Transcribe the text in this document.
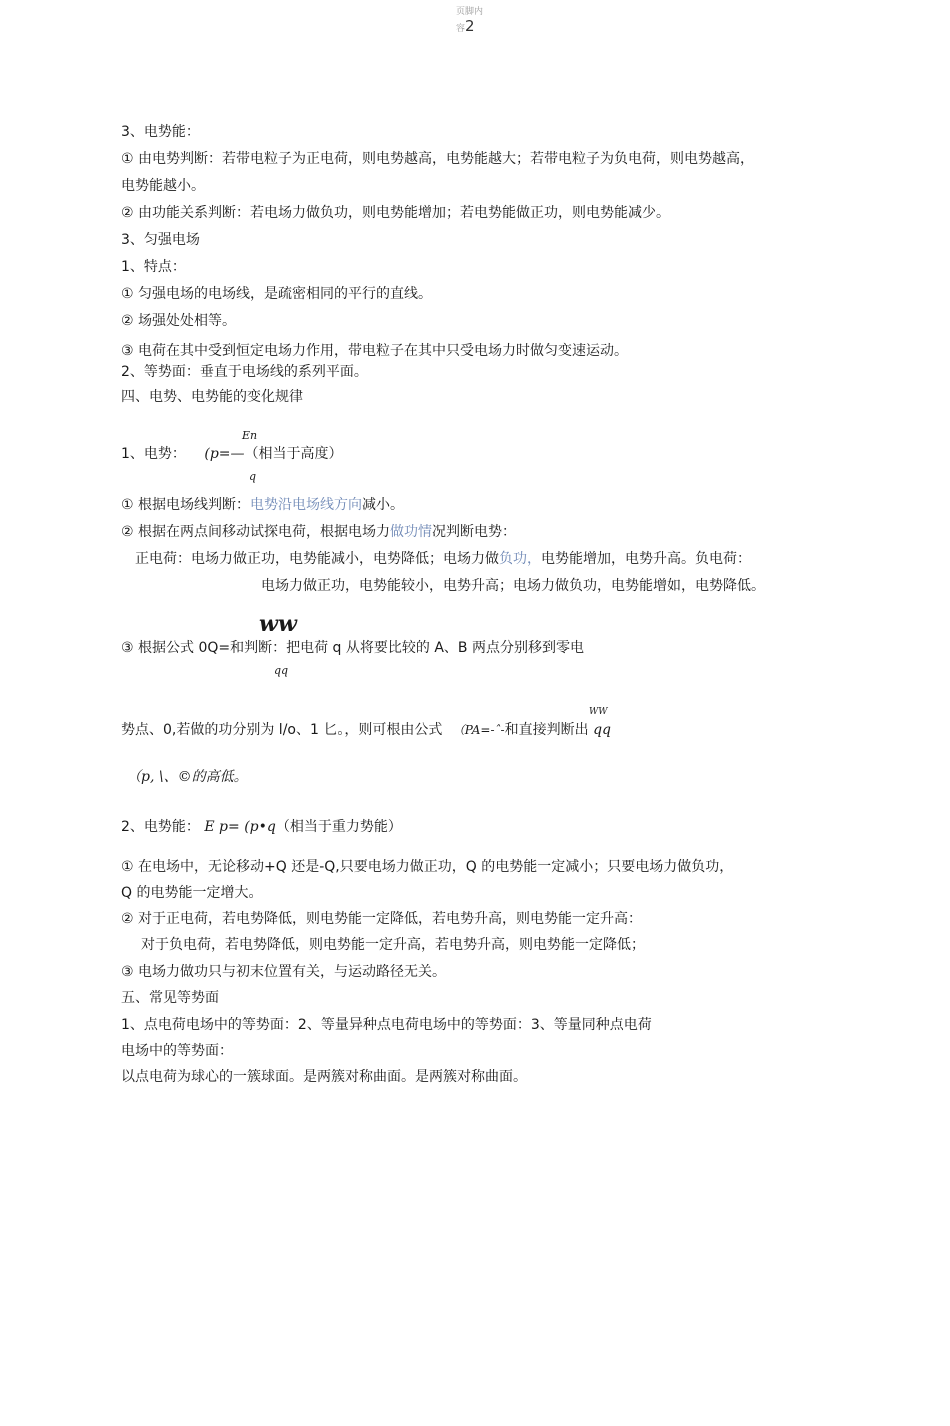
页脚内
容2
3、电势能：
① 由电势判断：若带电粒子为正电荷，则电势越高，电势能越大；若带电粒子为负电荷，则电势越高，
电势能越小。
② 由功能关系判断：若电场力做负功，则电势能增加；若电势能做正功，则电势能减少。
3、匀强电场
1、特点：
① 匀强电场的电场线，是疏密相同的平行的直线。
② 场强处处相等。
③ 电荷在其中受到恒定电场力作用，带电粒子在其中只受电场力时做匀变速运动。
2、等势面：垂直于电场线的系列平面。
四、电势、电势能的变化规律
En
1、电势： (p=—（相当于高度）
q
① 根据电场线判断：电势沿电场线方向减小。
② 根据在两点间移动试探电荷，根据电场力做功情况判断电势：
正电荷：电场力做正功，电势能减小，电势降低；电场力做负功，电势能增加，电势升高。负电荷：
电场力做正功，电势能较小，电势升高；电场力做负功，电势能增如，电势降低。
ww
③ 根据公式 0Q=和判断：把电荷 q 从将要比较的 A、B 两点分别移到零电
qq
WW
势点、0,若做的功分别为 l/o、1 匕。，则可根由公式 （PA=-ˆ-和直接判断出 qq
（p, \、©的高低。
2、电势能： E p= (p•q（相当于重力势能）
① 在电场中，无论移动+Q 还是-Q,只要电场力做正功，Q 的电势能一定减小；只要电场力做负功，
Q 的电势能一定增大。
② 对于正电荷，若电势降低，则电势能一定降低，若电势升高，则电势能一定升高：
对于负电荷，若电势降低，则电势能一定升高，若电势升高，则电势能一定降低；
③ 电场力做功只与初末位置有关，与运动路径无关。
五、常见等势面
1、点电荷电场中的等势面：2、等量异种点电荷电场中的等势面：3、等量同种点电荷
电场中的等势面：
以点电荷为球心的一簇球面。是两簇对称曲面。是两簇对称曲面。
